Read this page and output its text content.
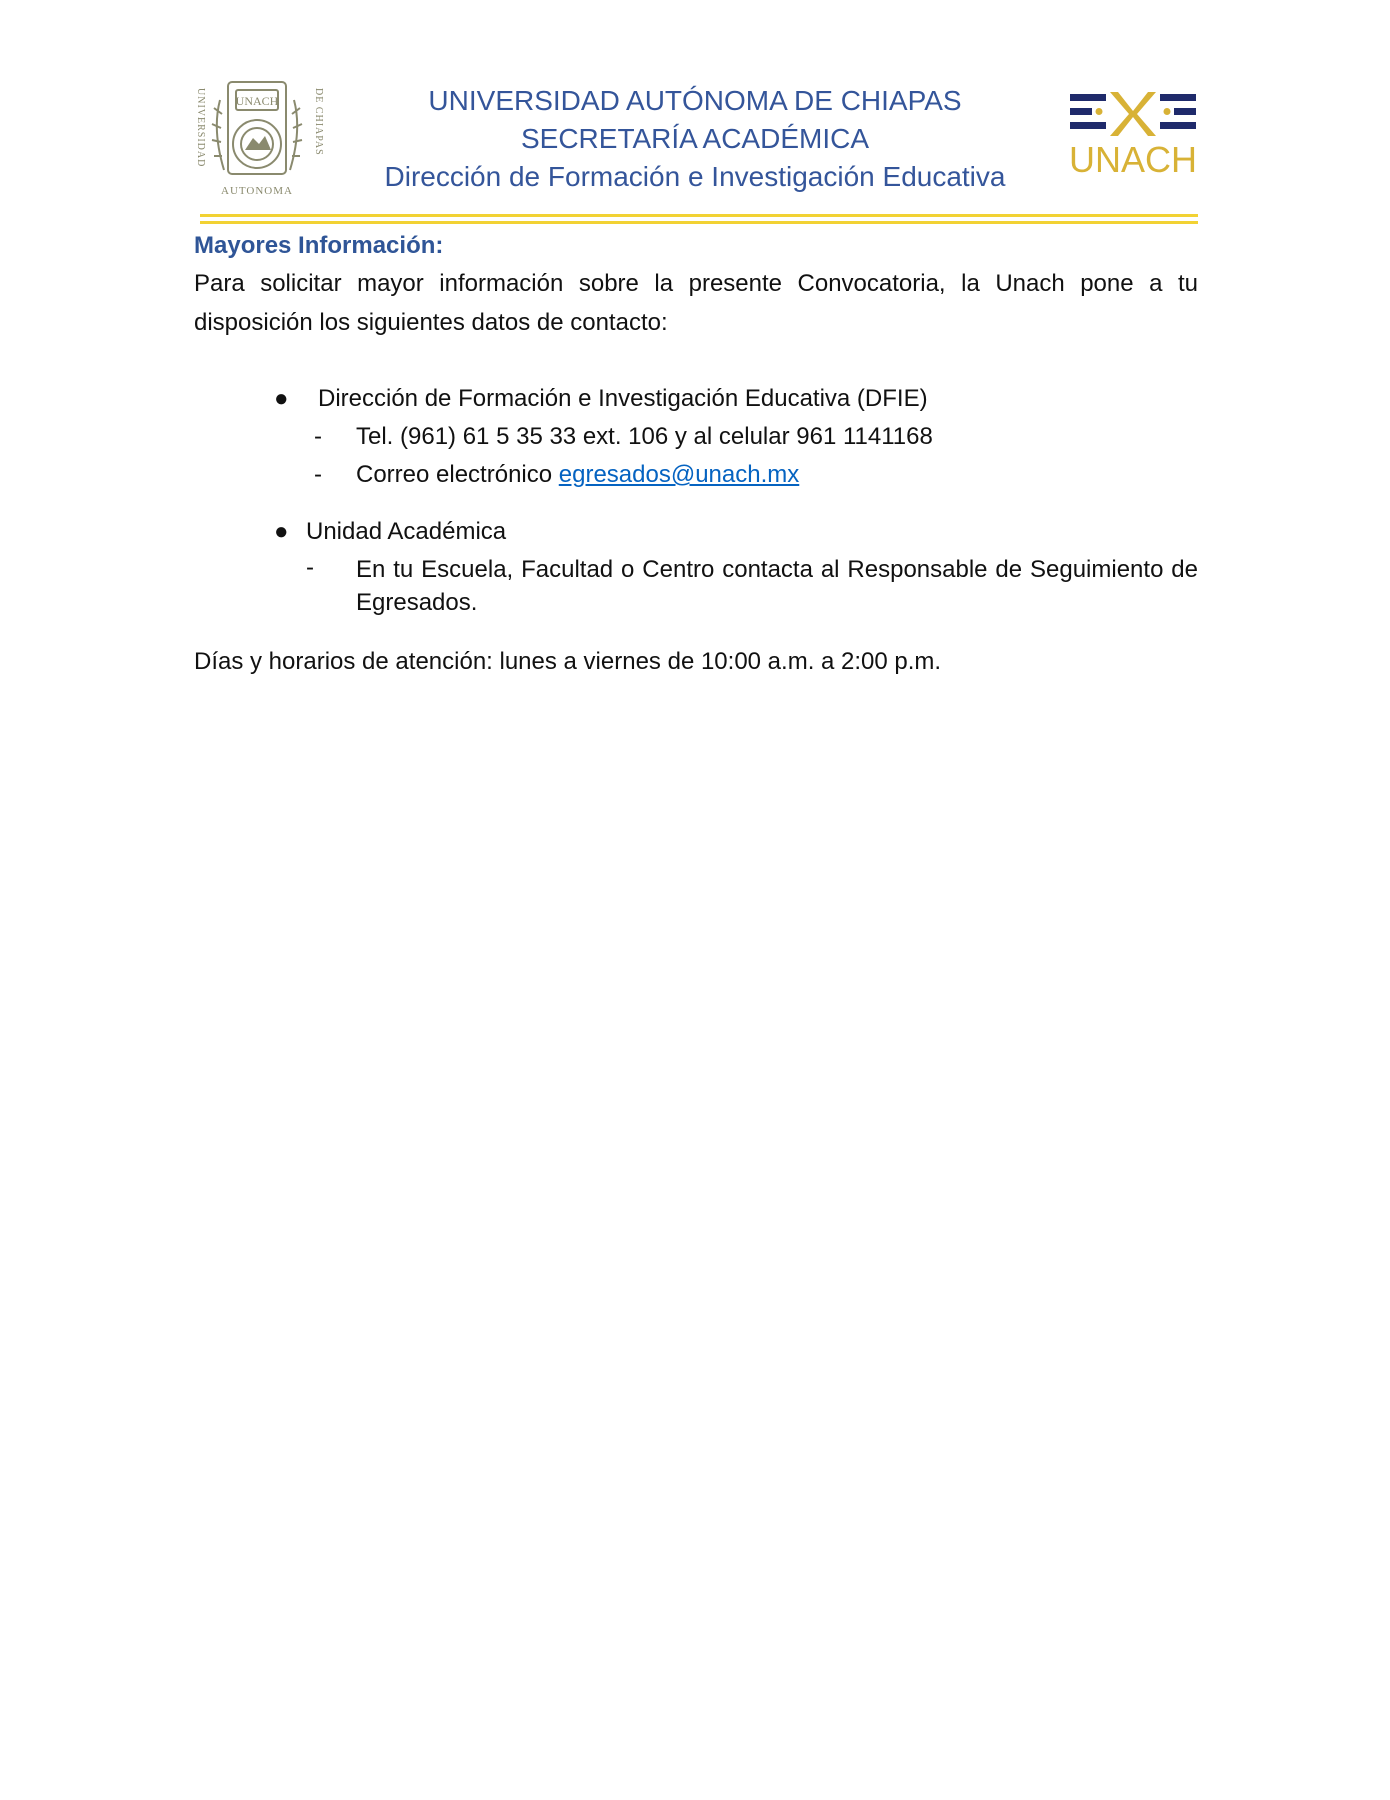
UNACH
UNIVERSIDAD	DE CHIAPAS
AUTONOMA
UNIVERSIDAD AUTÓNOMA DE CHIAPAS
SECRETARÍA ACADÉMICA
Dirección de Formación e Investigación Educativa	UNACH
Mayores Información:

Para solicitar mayor información sobre la presente Convocatoria, la Unach pone a tu disposición los siguientes datos de contacto:

● Dirección de Formación e Investigación Educativa (DFIE)
- Tel. (961) 61 5 35 33 ext. 106 y al celular 961 1141168
- Correo electrónico egresados@unach.mx
● Unidad Académica
- En tu Escuela, Facultad o Centro contacta al Responsable de Seguimiento de Egresados.
Días y horarios de atención: lunes a viernes de 10:00 a.m. a 2:00 p.m.
